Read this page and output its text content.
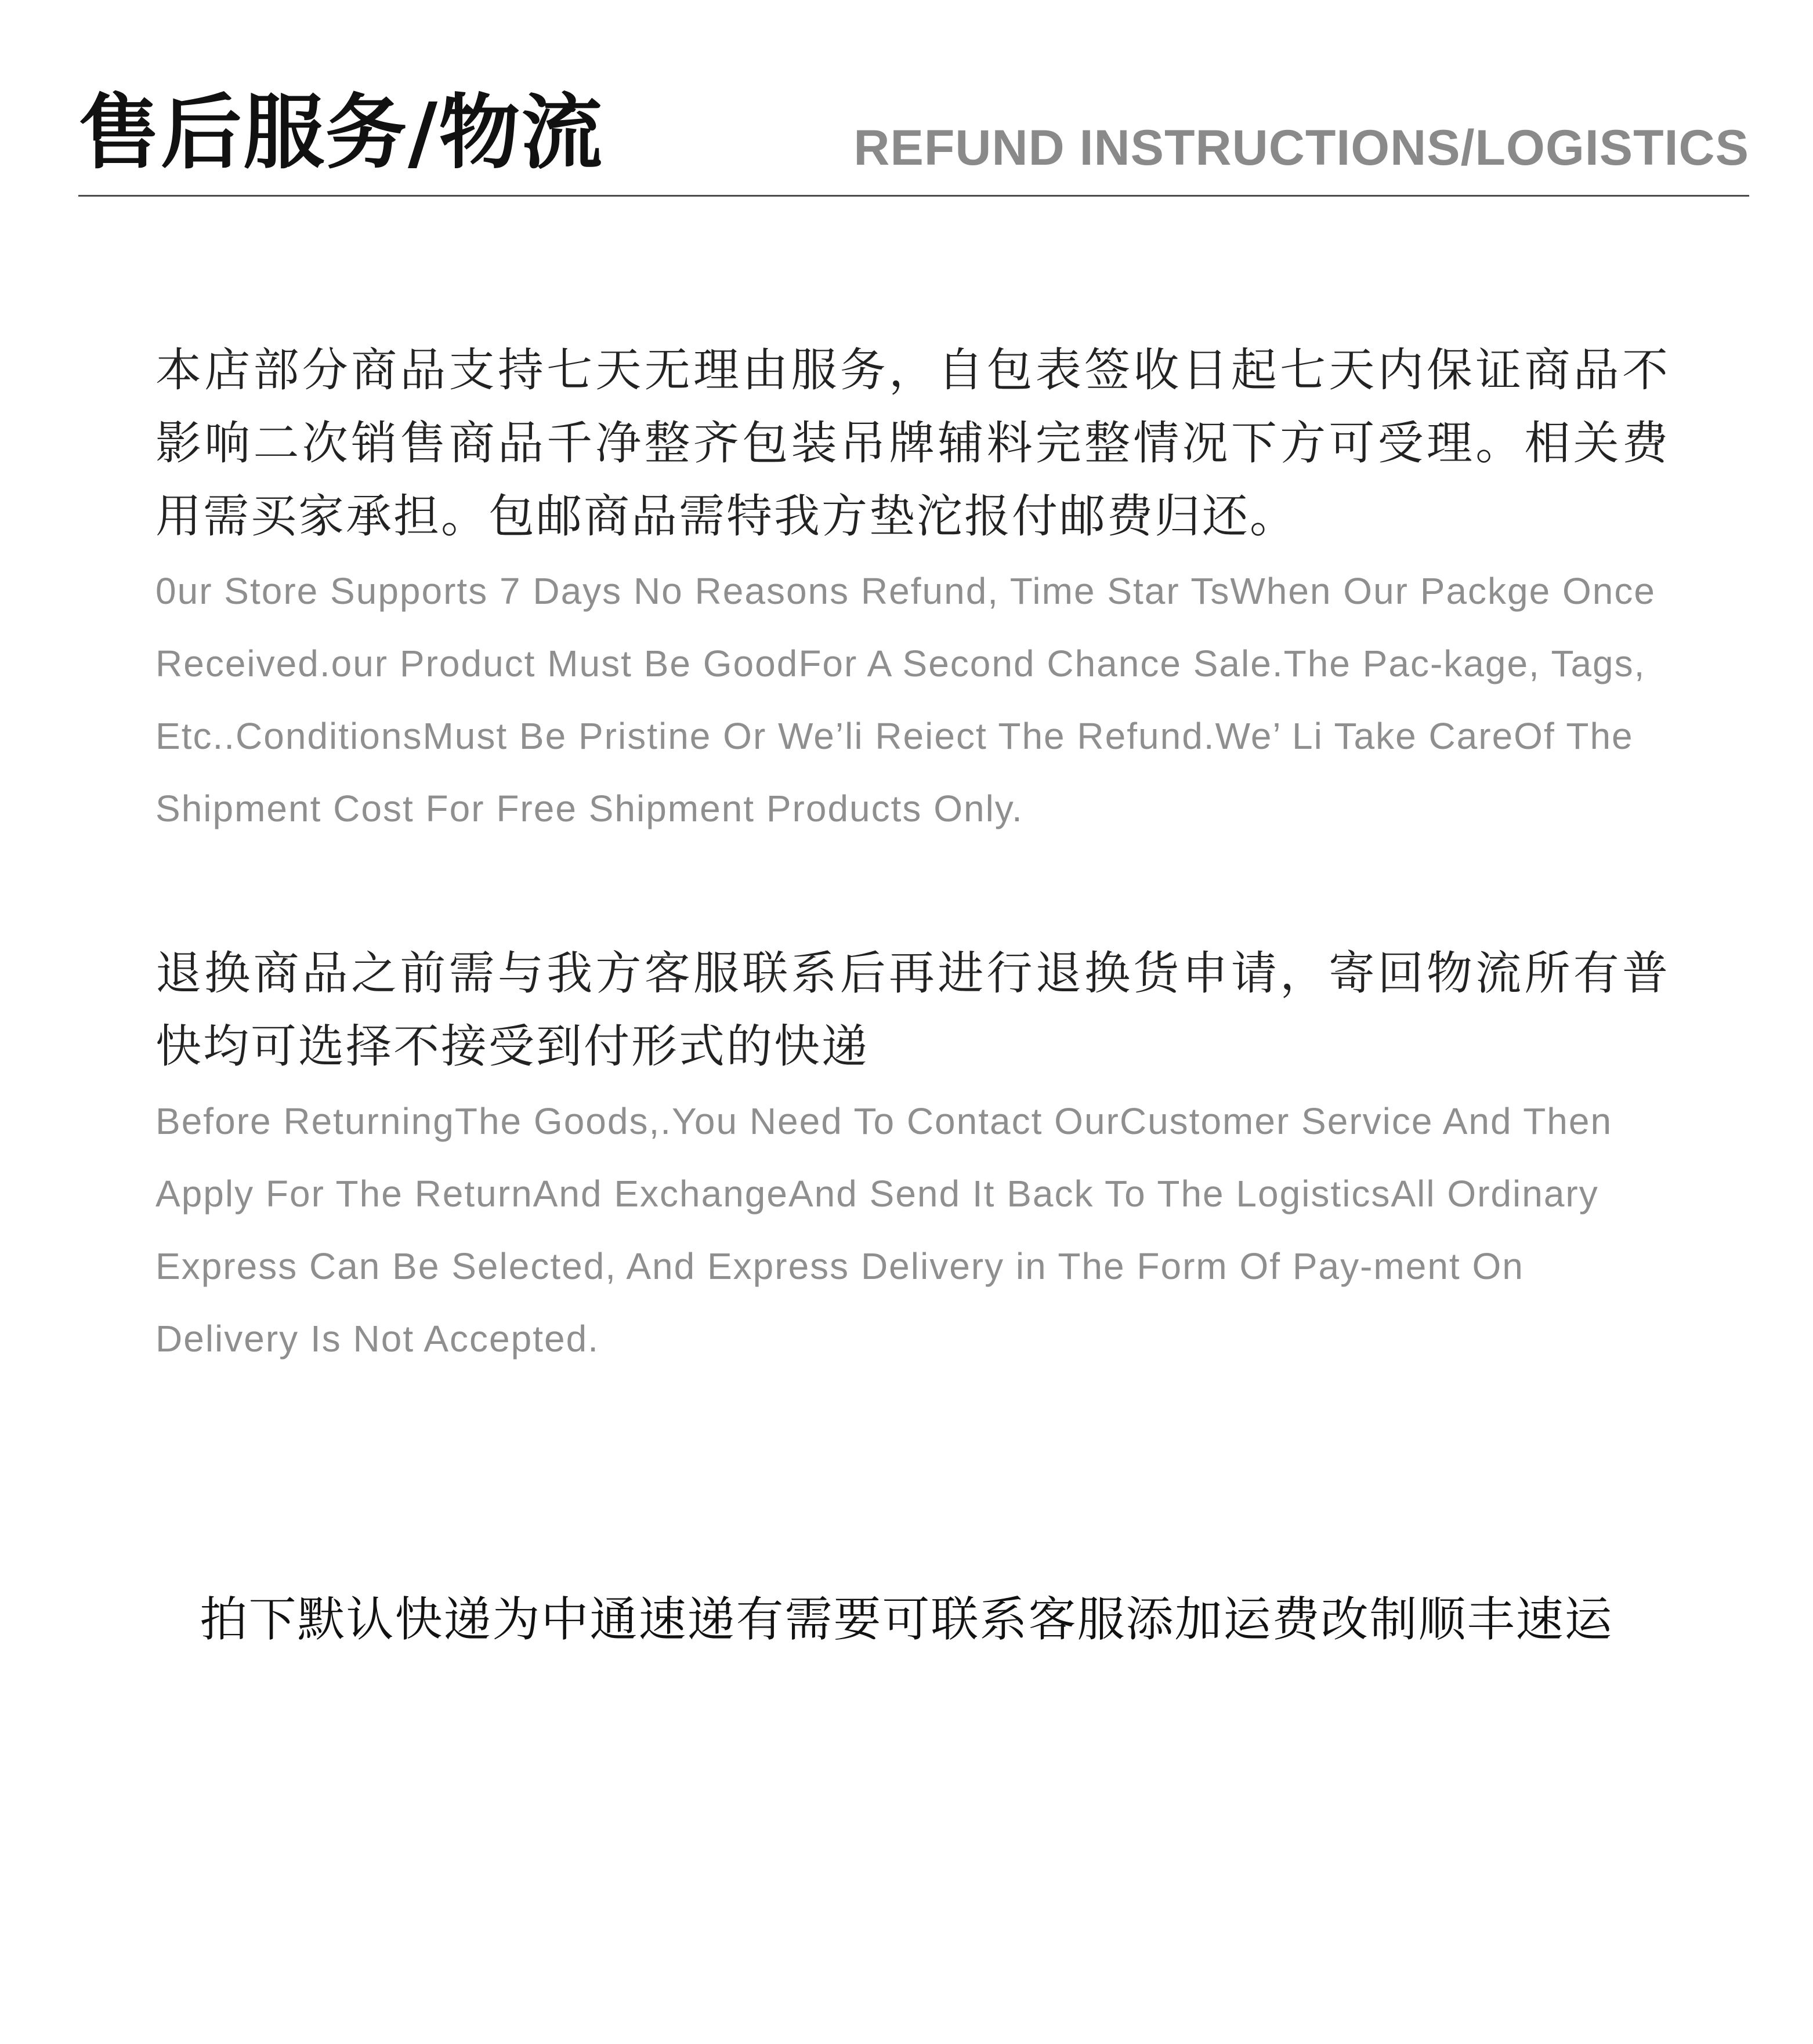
售后服务/物流	REFUND INSTRUCTIONS/LOGISTICS

本店部分商品支持七天无理由服务，自包表签收日起七天内保证商品不影响二次销售商品千净整齐包装吊牌辅料完整情况下方可受理。相关费用需买家承担。包邮商品需特我方垫沱报付邮费归还。

0ur Store Supports 7 Days No Reasons Refund, Time Star TsWhen Our Packge Once Received.our Product Must Be GoodFor A Second Chance Sale.The Pac-kage, Tags, Etc..ConditionsMust Be Pristine Or We’li Reiect The Refund.We’ Li Take CareOf The Shipment Cost For Free Shipment Products Only.

退换商品之前需与我方客服联系后再进行退换货申请，寄回物流所有普快均可选择不接受到付形式的快递

Before ReturningThe Goods,.You Need To Contact OurCustomer Service And Then Apply For The ReturnAnd ExchangeAnd Send It Back To The LogisticsAll Ordinary Express Can Be Selected, And Express Delivery in The Form Of Pay-ment On Delivery Is Not Accepted.

拍下默认快递为中通速递有需要可联系客服添加运费改制顺丰速运
